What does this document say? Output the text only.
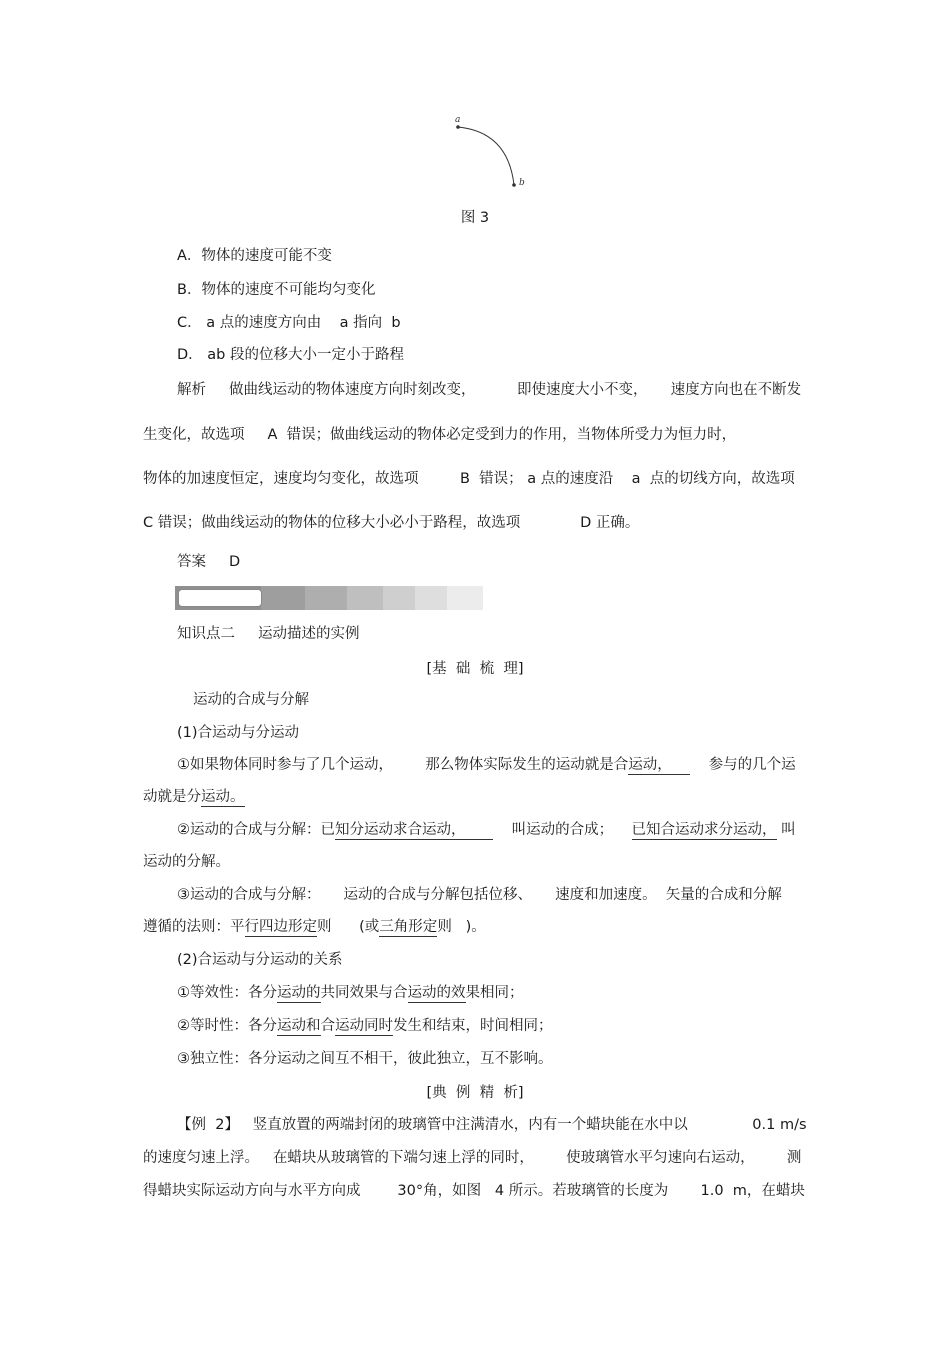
a
b
图 3
A．物体的速度可能不变
B．物体的速度不可能均匀变化
C． a 点的速度方向由    a 指向  b
D． ab 段的位移大小一定小于路程
解析     做曲线运动的物体速度方向时刻改变，         即使速度大小不变，     速度方向也在不断发
生变化，故选项     A  错误；做曲线运动的物体必定受到力的作用，当物体所受力为恒力时，
物体的加速度恒定，速度均匀变化，故选项         B  错误； a 点的速度沿    a  点的切线方向，故选项
C 错误；做曲线运动的物体的位移大小必小于路程，故选项             D 正确。
答案     D
知识点二     运动描述的实例
[基  础  梳  理]
运动的合成与分解
(1)合运动与分运动
①如果物体同时参与了几个运动，       那么物体实际发生的运动就是合运动，        参与的几个运
动就是分运动。
②运动的合成与分解：已知分运动求合运动，          叫运动的合成；    已知合运动求分运动， 叫
运动的分解。
③运动的合成与分解：     运动的合成与分解包括位移、     速度和加速度。  矢量的合成和分解
遵循的法则：平行四边形定则      (或三角形定则   )。
(2)合运动与分运动的关系
①等效性：各分运动的共同效果与合运动的效果相同；
②等时性：各分运动和合运动同时发生和结束，时间相同；
③独立性：各分运动之间互不相干，彼此独立，互不影响。
[典  例  精  析]
【例  2】   竖直放置的两端封闭的玻璃管中注满清水，内有一个蜡块能在水中以              0.1 m/s
的速度匀速上浮。   在蜡块从玻璃管的下端匀速上浮的同时，       使玻璃管水平匀速向右运动，       测
得蜡块实际运动方向与水平方向成        30°角，如图   4 所示。若玻璃管的长度为       1.0  m，在蜡块
